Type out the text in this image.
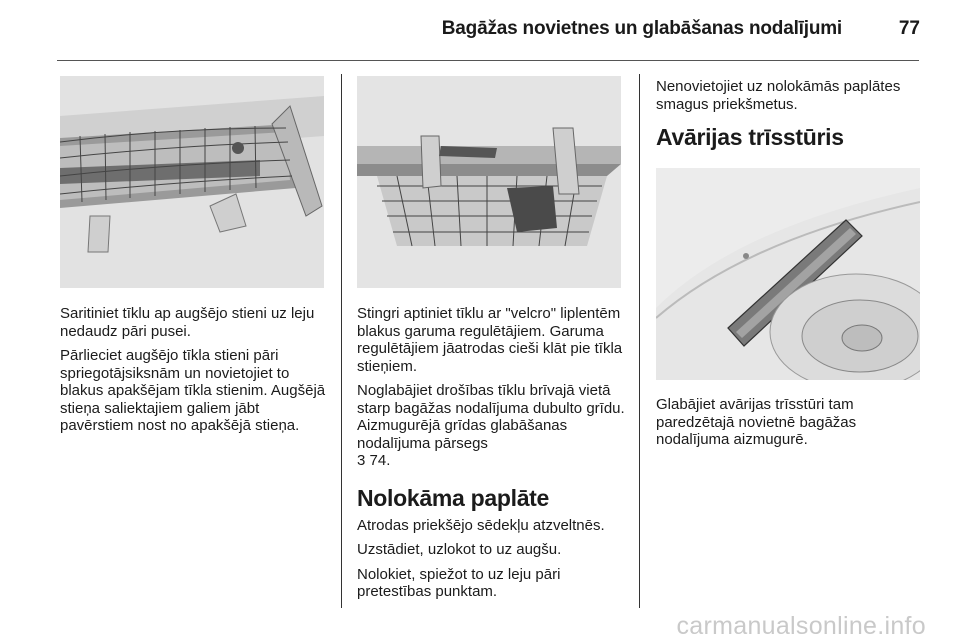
Bagāžas novietnes un glabāšanas nodalījumi	77

Saritiniet tīklu ap augšējo stieni uz leju nedaudz pāri pusei.

Pārlieciet augšējo tīkla stieni pāri spriegotājsiksnām un novietojiet to blakus apakšējam tīkla stienim. Augšējā stieņa saliektajiem galiem jābt pavērstiem nost no apakšējā stieņa.

Stingri aptiniet tīklu ar "velcro" liplentēm blakus garuma regulētājiem. Garuma regulētājiem jāatrodas cieši klāt pie tīkla stieņiem.

Noglabājiet drošības tīklu brīvajā vietā starp bagāžas nodalījuma dubulto grīdu. Aizmugurējā grīdas glabāšanas nodalījuma pārsegs

3 74.

Nolokāma paplāte

Atrodas priekšējo sēdekļu atzveltnēs.

Uzstādiet, uzlokot to uz augšu.

Nolokiet, spiežot to uz leju pāri pretestības punktam.

Nenovietojiet uz nolokāmās paplātes smagus priekšmetus.

Avārijas trīsstūris

Glabājiet avārijas trīsstūri tam paredzētajā novietnē bagāžas nodalījuma aizmugurē.

carmanualsonline.info
